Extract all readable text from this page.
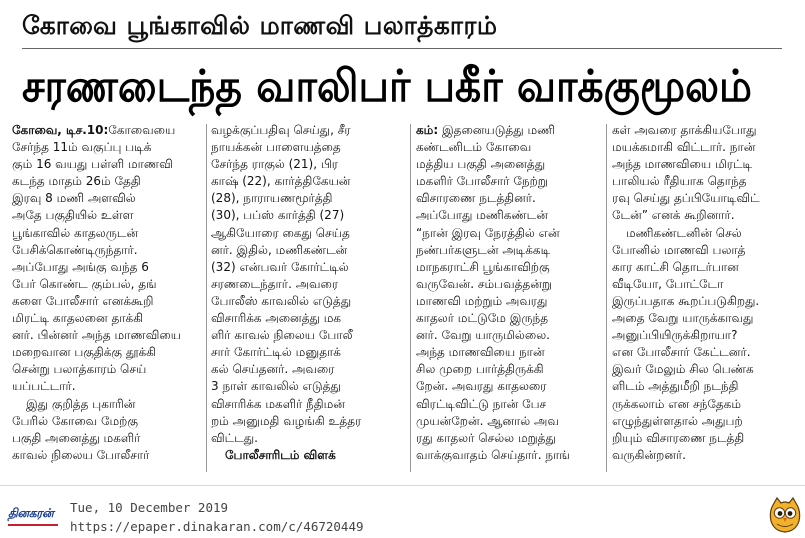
கோவை பூங்காவில் மாணவி பலாத்காரம்
சரணடைந்த வாலிபர் பகீர் வாக்குமூலம்
கோவை, டிச.10:கோவையை
சேர்ந்த 11ம் வகுப்பு படிக்
கும் 16 வயது பள்ளி மாணவி
கடந்த மாதம் 26ம் தேதி
இரவு 8 மணி அளவில்
அதே பகுதியில் உள்ள
பூங்காவில் காதலருடன்
பேசிக்கொண்டிருந்தார்.
அப்போது அங்கு வந்த 6
பேர் கொண்ட கும்பல், தங்
களை போலீசார் எனக்கூறி
மிரட்டி காதலனை தாக்கி
னர். பின்னர் அந்த மாணவியை
மறைவான பகுதிக்கு தூக்கி
சென்று பலாத்காரம் செய்
யப்பட்டார்.
இது குறித்த புகாரின்
பேரில் கோவை மேற்கு
பகுதி அனைத்து மகளிர்
காவல் நிலைய போலீசார்
வழக்குப்பதிவு செய்து, சீர
நாயக்கன் பாளையத்தை
சேர்ந்த ராகுல் (21), பிர
காஷ் (22), கார்த்திகேயன்
(28), நாராயணமூர்த்தி
(30), பப்ஸ் கார்த்தி (27)
ஆகியோரை கைது செய்த
னர். இதில், மணிகண்டன்
(32) என்பவர் கோர்ட்டில்
சரணடைந்தார். அவரை
போலீஸ் காவலில் எடுத்து
விசாரிக்க அனைத்து மக
ளிர் காவல் நிலைய போலீ
சார் கோர்ட்டில் மனுதாக்
கல் செய்தனர். அவரை
3 நாள் காவலில் எடுத்து
விசாரிக்க மகளிர் நீதிமன்
றம் அனுமதி வழங்கி உத்தர
விட்டது.
போலீசாரிடம் விளக்
கம்: இதனையடுத்து மணி
கண்டனிடம் கோவை
மத்திய பகுதி அனைத்து
மகளிர் போலீசார் நேற்று
விசாரணை நடத்தினர்.
அப்போது மணிகண்டன்
“நான் இரவு நேரத்தில் என்
நண்பர்களுடன் அடிக்கடி
மாநகராட்சி பூங்காவிற்கு
வருவேன். சம்பவத்தன்று
மாணவி மற்றும் அவரது
காதலர் மட்டுமே இருந்த
னர். வேறு யாருமில்லை.
அந்த மாணவியை நான்
சில முறை பார்த்திருக்கி
றேன். அவரது காதலரை
விரட்டிவிட்டு நான் பேச
முயன்றேன். ஆனால் அவ
ரது காதலர் செல்ல மறுத்து
வாக்குவாதம் செய்தார். நாங்
கள் அவரை தாக்கியபோது
மயக்கமாகி விட்டார். நான்
அந்த மாணவியை மிரட்டி
பாலியல் ரீதியாக தொந்த
ரவு செய்து தப்பியோடிவிட்
டேன்” எனக் கூறினார்.
மணிகண்டனின் செல்
போனில் மாணவி பலாத்
கார காட்சி தொடர்பான
வீடியோ, போட்டோ
இருப்பதாக கூறப்படுகிறது.
அதை வேறு யாருக்காவது
அனுப்பியிருக்கிறாயா?
என போலீசார் கேட்டனர்.
இவர் மேலும் சில பெண்க
ளிடம் அத்துமீறி நடந்தி
ருக்கலாம் என சந்தேகம்
எழுந்துள்ளதால் அதுபற்
றியும் விசாரணை நடத்தி
வருகின்றனர்.
தினகரன் Tue, 10 December 2019
https://epaper.dinakaran.com/c/46720449
